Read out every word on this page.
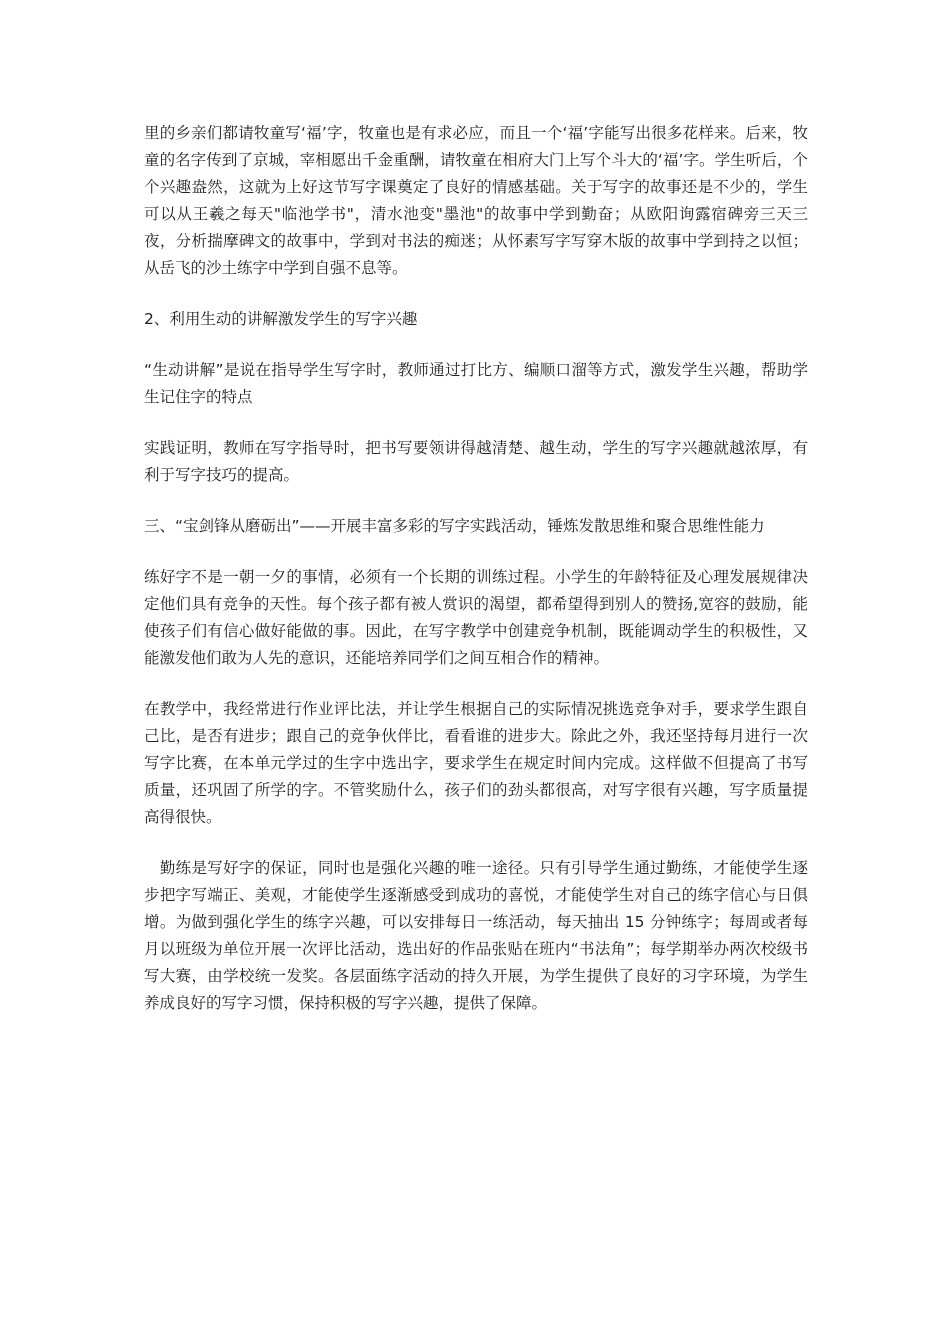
里的乡亲们都请牧童写‘福’字，牧童也是有求必应，而且一个‘福’字能写出很多花样来。后来，牧童的名字传到了京城，宰相愿出千金重酬，请牧童在相府大门上写个斗大的‘福’字。学生听后，个个兴趣盎然，这就为上好这节写字课奠定了良好的情感基础。关于写字的故事还是不少的，学生可以从王羲之每天"临池学书"，清水池变"墨池"的故事中学到勤奋；从欧阳询露宿碑旁三天三夜，分析揣摩碑文的故事中，学到对书法的痴迷；从怀素写字写穿木版的故事中学到持之以恒；从岳飞的沙土练字中学到自强不息等。

2、利用生动的讲解激发学生的写字兴趣

“生动讲解”是说在指导学生写字时，教师通过打比方、编顺口溜等方式，激发学生兴趣，帮助学生记住字的特点

实践证明，教师在写字指导时，把书写要领讲得越清楚、越生动，学生的写字兴趣就越浓厚，有利于写字技巧的提高。

三、“宝剑锋从磨砺出”——开展丰富多彩的写字实践活动，锤炼发散思维和聚合思维性能力

练好字不是一朝一夕的事情，必须有一个长期的训练过程。小学生的年龄特征及心理发展规律决定他们具有竞争的天性。每个孩子都有被人赏识的渴望，都希望得到别人的赞扬,宽容的鼓励，能使孩子们有信心做好能做的事。因此，在写字教学中创建竞争机制，既能调动学生的积极性，又能激发他们敢为人先的意识，还能培养同学们之间互相合作的精神。

在教学中，我经常进行作业评比法，并让学生根据自己的实际情况挑选竞争对手，要求学生跟自己比，是否有进步；跟自己的竞争伙伴比，看看谁的进步大。除此之外，我还坚持每月进行一次写字比赛，在本单元学过的生字中选出字，要求学生在规定时间内完成。这样做不但提高了书写质量，还巩固了所学的字。不管奖励什么，孩子们的劲头都很高，对写字很有兴趣，写字质量提高得很快。

　勤练是写好字的保证，同时也是强化兴趣的唯一途径。只有引导学生通过勤练，才能使学生逐步把字写端正、美观，才能使学生逐渐感受到成功的喜悦，才能使学生对自己的练字信心与日俱增。为做到强化学生的练字兴趣，可以安排每日一练活动，每天抽出 15 分钟练字；每周或者每月以班级为单位开展一次评比活动，选出好的作品张贴在班内“书法角”；每学期举办两次校级书写大赛，由学校统一发奖。各层面练字活动的持久开展，为学生提供了良好的习字环境，为学生养成良好的写字习惯，保持积极的写字兴趣，提供了保障。
